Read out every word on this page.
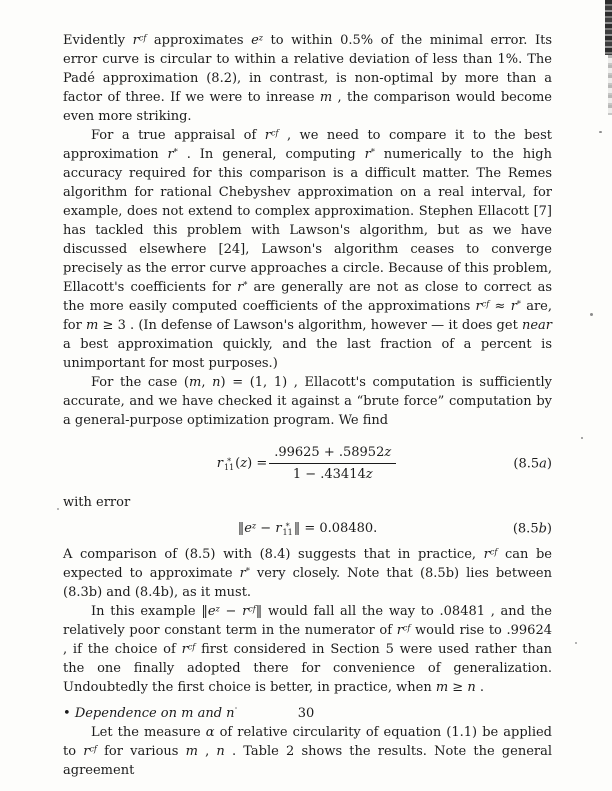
Evidently $r^{cf}$ approximates $e^z$ to within 0.5% of the minimal error. Its error curve is circular to within a relative deviation of less than 1%. The Padé approximation (8.2), in contrast, is non-optimal by more than a factor of three. If we were to inrease m , the comparison would become even more striking.

For a true appraisal of $r^{cf}$ , we need to compare it to the best approximation r* . In general, computing r* numerically to the high accuracy required for this comparison is a difficult matter. The Remes algorithm for rational Chebyshev approximation on a real interval, for example, does not extend to complex approximation. Stephen Ellacott [7] has tackled this problem with Lawson's algorithm, but as we have discussed elsewhere [24], Lawson's algorithm ceases to converge precisely as the error curve approaches a circle. Because of this problem, Ellacott's coefficients for r* are generally are not as close to correct as the more easily computed coefficients of the approximations $r^{cf} \approx r^*$ are, for m ≥ 3 . (In defense of Lawson's algorithm, however — it does get near a best approximation quickly, and the last fraction of a percent is unimportant for most purposes.)

For the case (m, n) = (1, 1) , Ellacott's computation is sufficiently accurate, and we have checked it against a “brute force” computation by a general-purpose optimization program. We find

r *
11 $(z) = \frac{.99625 + .58952z}{1 - .43414z}$	(8.5a)

with error

$‖e^z - r$ *
11 ‖ = 0.08480.	(8.5b)

A comparison of (8.5) with (8.4) suggests that in practice, $r^{cf}$ can be expected to approximate r* very closely. Note that (8.5b) lies between (8.3b) and (8.4b), as it must.

In this example $‖e^z$ − $r^{cf}‖$ would fall all the way to .08481 , and the relatively poor constant term in the numerator of $r^{cf}$ would rise to .99624 , if the choice of $r^{cf}$ first considered in Section 5 were used rather than the one finally adopted there for convenience of generalization. Undoubtedly the first choice is better, in practice, when m ≥ n .

• Dependence on m and n

Let the measure α of relative circularity of equation (1.1) be applied to $r^{cf}$ for various m , n . Table 2 shows the results. Note the general agreement

30
